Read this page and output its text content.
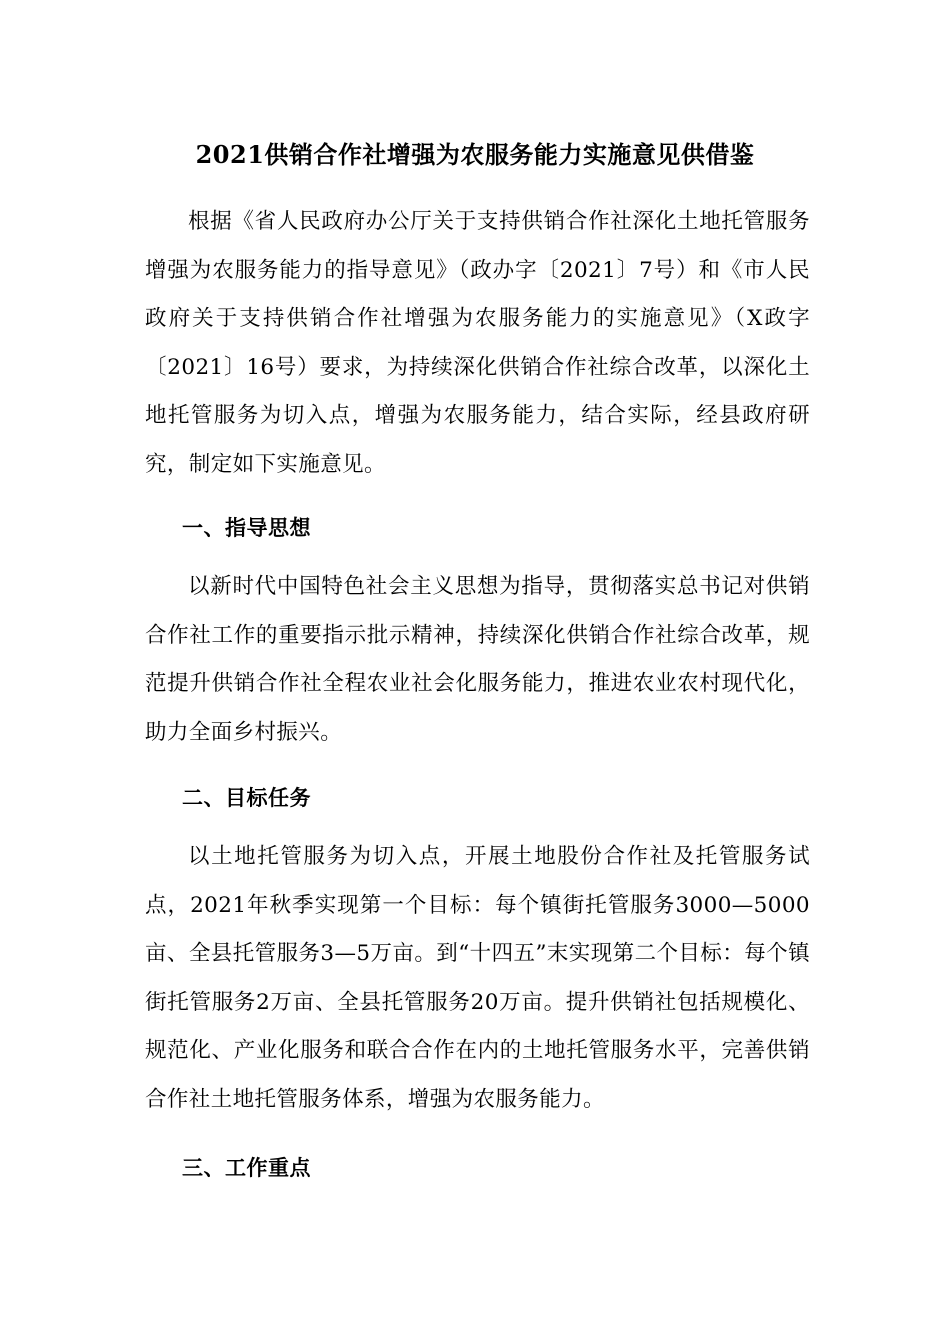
2021供销合作社增强为农服务能力实施意见供借鉴

根据《省人民政府办公厅关于支持供销合作社深化土地托管服务增强为农服务能力的指导意见》（政办字〔2021〕7号）和《市人民政府关于支持供销合作社增强为农服务能力的实施意见》（X政字〔2021〕16号）要求，为持续深化供销合作社综合改革，以深化土地托管服务为切入点，增强为农服务能力，结合实际，经县政府研究，制定如下实施意见。

一、指导思想

以新时代中国特色社会主义思想为指导，贯彻落实总书记对供销合作社工作的重要指示批示精神，持续深化供销合作社综合改革，规范提升供销合作社全程农业社会化服务能力，推进农业农村现代化，助力全面乡村振兴。

二、目标任务

以土地托管服务为切入点，开展土地股份合作社及托管服务试点，2021年秋季实现第一个目标：每个镇街托管服务3000—5000亩、全县托管服务3—5万亩。到“十四五”末实现第二个目标：每个镇街托管服务2万亩、全县托管服务20万亩。提升供销社包括规模化、规范化、产业化服务和联合合作在内的土地托管服务水平，完善供销合作社土地托管服务体系，增强为农服务能力。

三、工作重点
